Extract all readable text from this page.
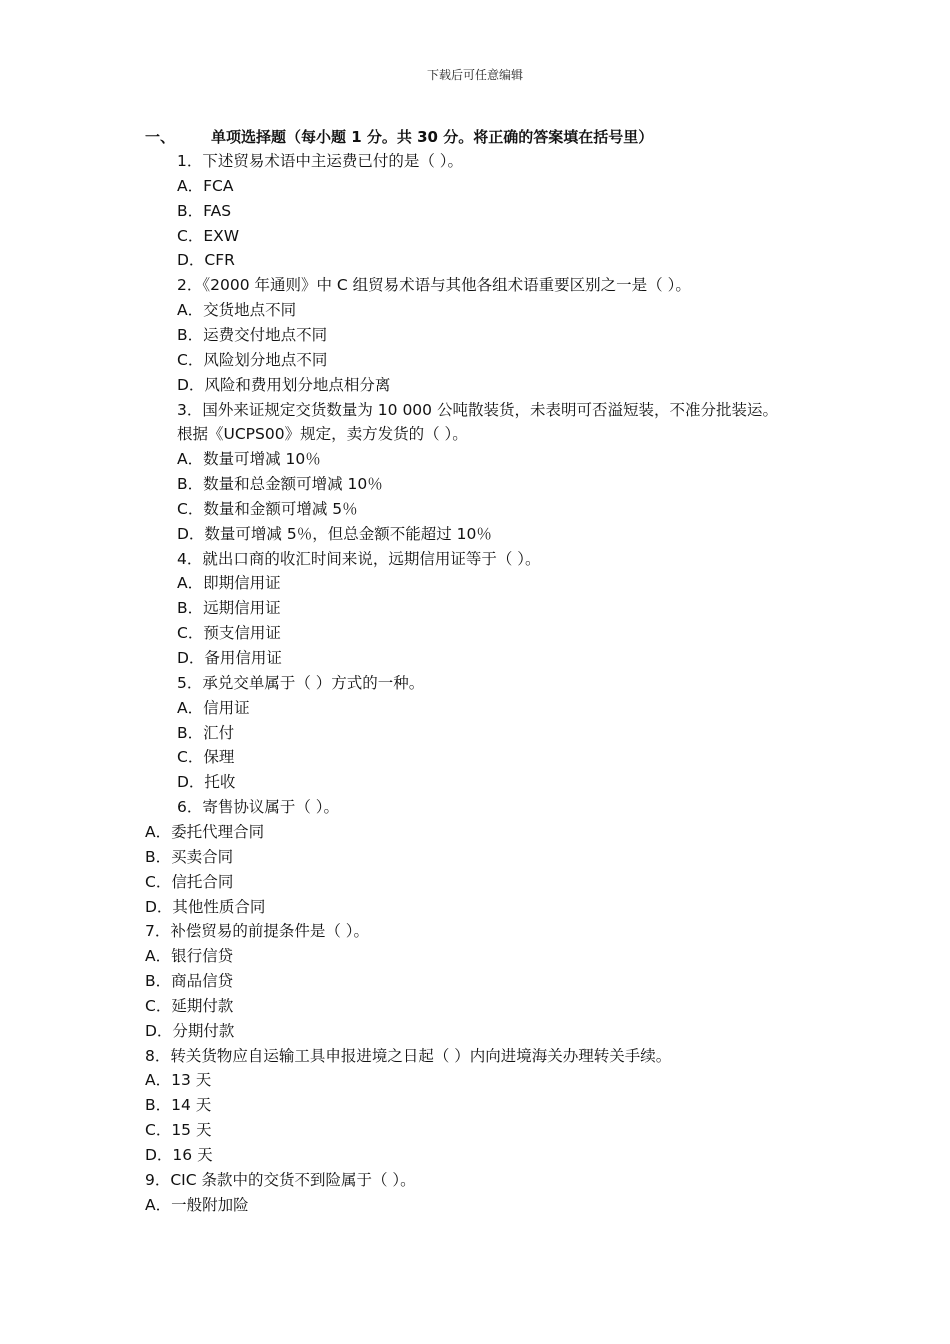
下载后可任意编辑
一、 单项选择题（每小题 1 分。共 30 分。将正确的答案填在括号里）
1．下述贸易术语中主运费已付的是（ ）。
A．FCA
B．FAS
C．EXW
D．CFR
2．《2000 年通则》中 C 组贸易术语与其他各组术语重要区别之一是（ ）。
A．交货地点不同
B．运费交付地点不同
C．风险划分地点不同
D．风险和费用划分地点相分离
3．国外来证规定交货数量为 10 000 公吨散装货，未表明可否溢短装，不准分批装运。
根据《UCPS00》规定，卖方发货的（ ）。
A．数量可增减 10％
B．数量和总金额可增减 10％
C．数量和金额可增减 5％
D．数量可增减 5％，但总金额不能超过 10％
4．就出口商的收汇时间来说，远期信用证等于（ ）。
A．即期信用证
B．远期信用证
C．预支信用证
D．备用信用证
5．承兑交单属于（ ）方式的一种。
A．信用证
B．汇付
C．保理
D．托收
6．寄售协议属于（ ）。
A．委托代理合同
B．买卖合同
C．信托合同
D．其他性质合同
7．补偿贸易的前提条件是（ ）。
A．银行信贷
B．商品信贷
C．延期付款
D．分期付款
8．转关货物应自运输工具申报进境之日起（ ）内向进境海关办理转关手续。
A．13 天
B．14 天
C．15 天
D．16 天
9．CIC 条款中的交货不到险属于（ ）。
A．一般附加险
